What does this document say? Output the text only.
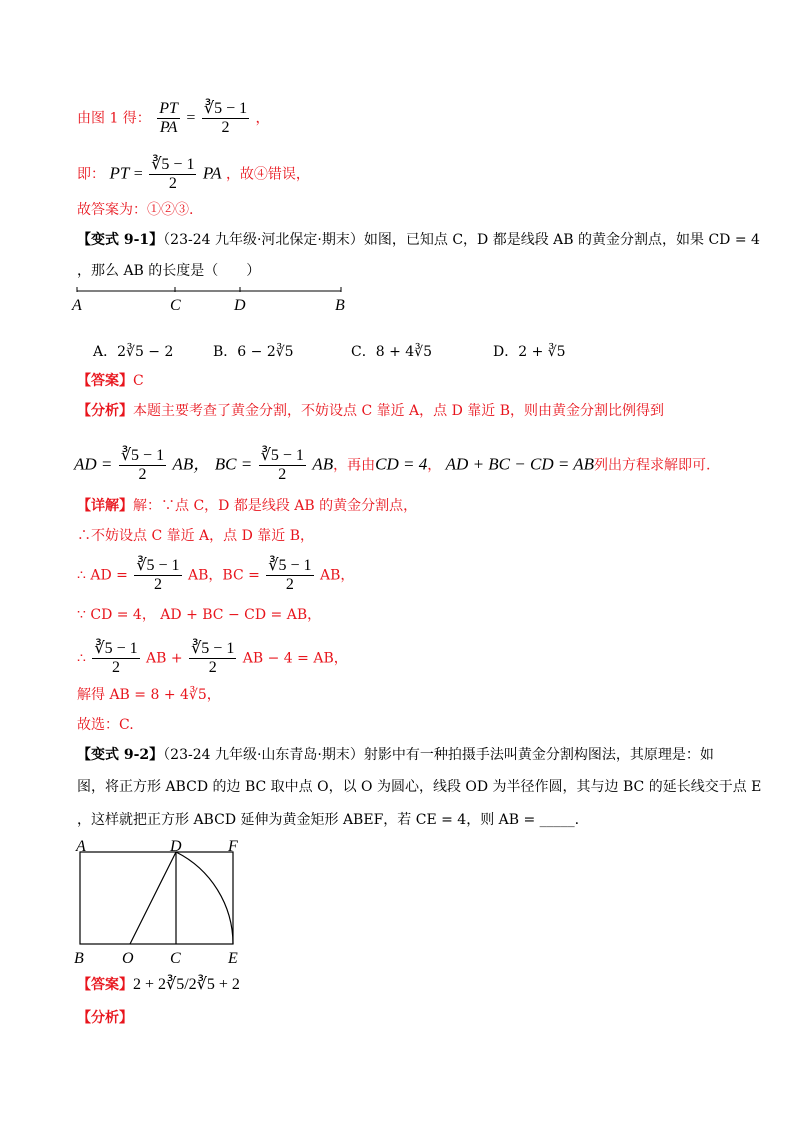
由图 1 得： $\frac{PT}{PA} = \frac{∛5 - 1}{2}$ ，
即： PT = $\frac{∛5 - 1}{2}$ PA ，故④错误，
故答案为：①②③.
【变式 9-1】（23-24 九年级·河北保定·期末）如图，已知点 C，D 都是线段 AB 的黄金分割点，如果 CD = 4
，那么 AB 的长度是（　　）
A	C	D	B
A．2∛5 − 2	B．6 − 2∛5	C．8 + 4∛5	D．2 + ∛5
【答案】C
【分析】本题主要考查了黄金分割，不妨设点 C 靠近 A，点 D 靠近 B，则由黄金分割比例得到
AD = $\frac{∛5 - 1}{2}$ AB， BC = $\frac{∛5 - 1}{2}$ AB，再由CD = 4， AD + BC − CD = AB列出方程求解即可.
【详解】解：∵点 C，D 都是线段 AB 的黄金分割点，
∴不妨设点 C 靠近 A，点 D 靠近 B，
∴ AD = $\frac{∛5 - 1}{2}$ AB，BC = $\frac{∛5 - 1}{2}$ AB，
∵ CD = 4， AD + BC − CD = AB，
∴ $\frac{∛5 - 1}{2}$ AB + $\frac{∛5 - 1}{2}$ AB − 4 = AB，
解得 AB = 8 + 4∛5，
故选：C.
【变式 9-2】（23-24 九年级·山东青岛·期末）射影中有一种拍摄手法叫黄金分割构图法，其原理是：如
图，将正方形 ABCD 的边 BC 取中点 O，以 O 为圆心，线段 OD 为半径作圆，其与边 BC 的延长线交于点 E
，这样就把正方形 ABCD 延伸为黄金矩形 ABEF，若 CE = 4，则 AB = _____.
A	D	F
B O C	E
【答案】2 + 2∛5/2∛5 + 2
【分析】
